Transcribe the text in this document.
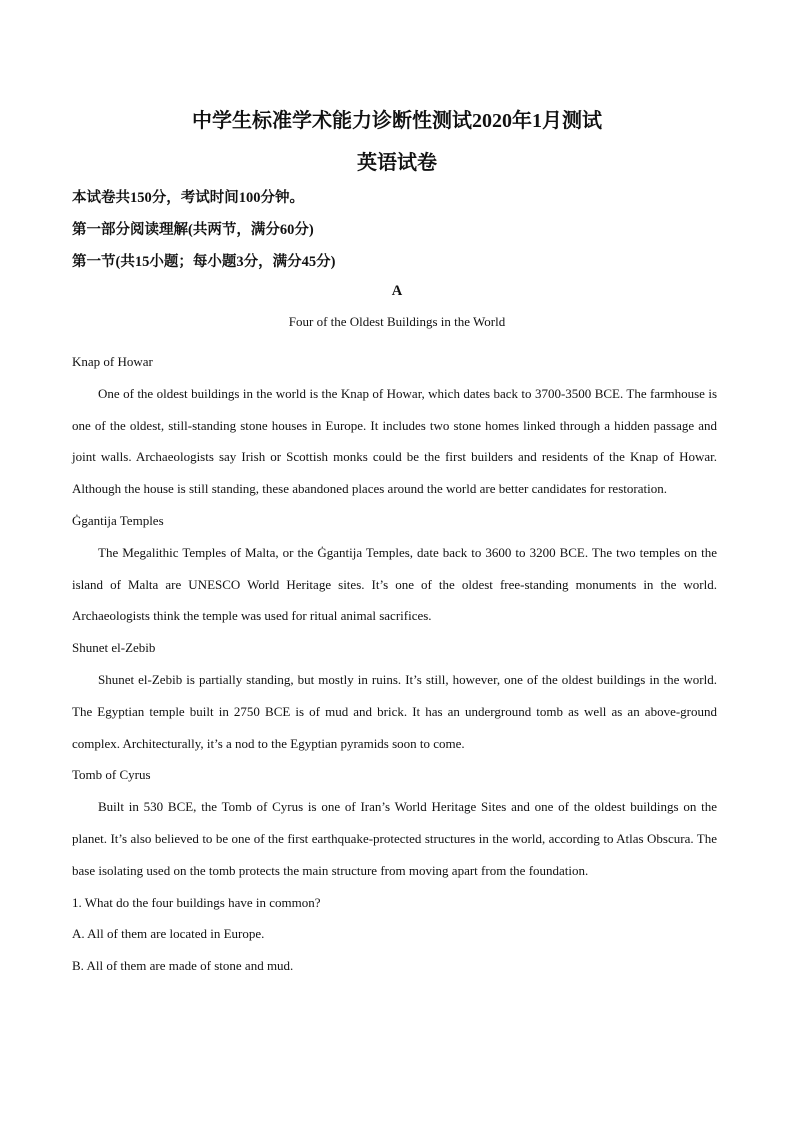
中学生标准学术能力诊断性测试2020年1月测试
英语试卷
本试卷共150分，考试时间100分钟。
第一部分阅读理解(共两节，满分60分)
第一节(共15小题；每小题3分，满分45分)
A
Four of the Oldest Buildings in the World

Knap of Howar

One of the oldest buildings in the world is the Knap of Howar, which dates back to 3700-3500 BCE. The farmhouse is one of the oldest, still-standing stone houses in Europe. It includes two stone homes linked through a hidden passage and joint walls. Archaeologists say Irish or Scottish monks could be the first builders and residents of the Knap of Howar. Although the house is still standing, these abandoned places around the world are better candidates for restoration.

Ġgantija Temples

The Megalithic Temples of Malta, or the Ġgantija Temples, date back to 3600 to 3200 BCE. The two temples on the island of Malta are UNESCO World Heritage sites. It’s one of the oldest free-standing monuments in the world. Archaeologists think the temple was used for ritual animal sacrifices.

Shunet el-Zebib

Shunet el-Zebib is partially standing, but mostly in ruins. It’s still, however, one of the oldest buildings in the world. The Egyptian temple built in 2750 BCE is of mud and brick. It has an underground tomb as well as an above-ground complex. Architecturally, it’s a nod to the Egyptian pyramids soon to come.

Tomb of Cyrus

Built in 530 BCE, the Tomb of Cyrus is one of Iran’s World Heritage Sites and one of the oldest buildings on the planet. It’s also believed to be one of the first earthquake-protected structures in the world, according to Atlas Obscura. The base isolating used on the tomb protects the main structure from moving apart from the foundation.

1. What do the four buildings have in common?

A. All of them are located in Europe.

B. All of them are made of stone and mud.
